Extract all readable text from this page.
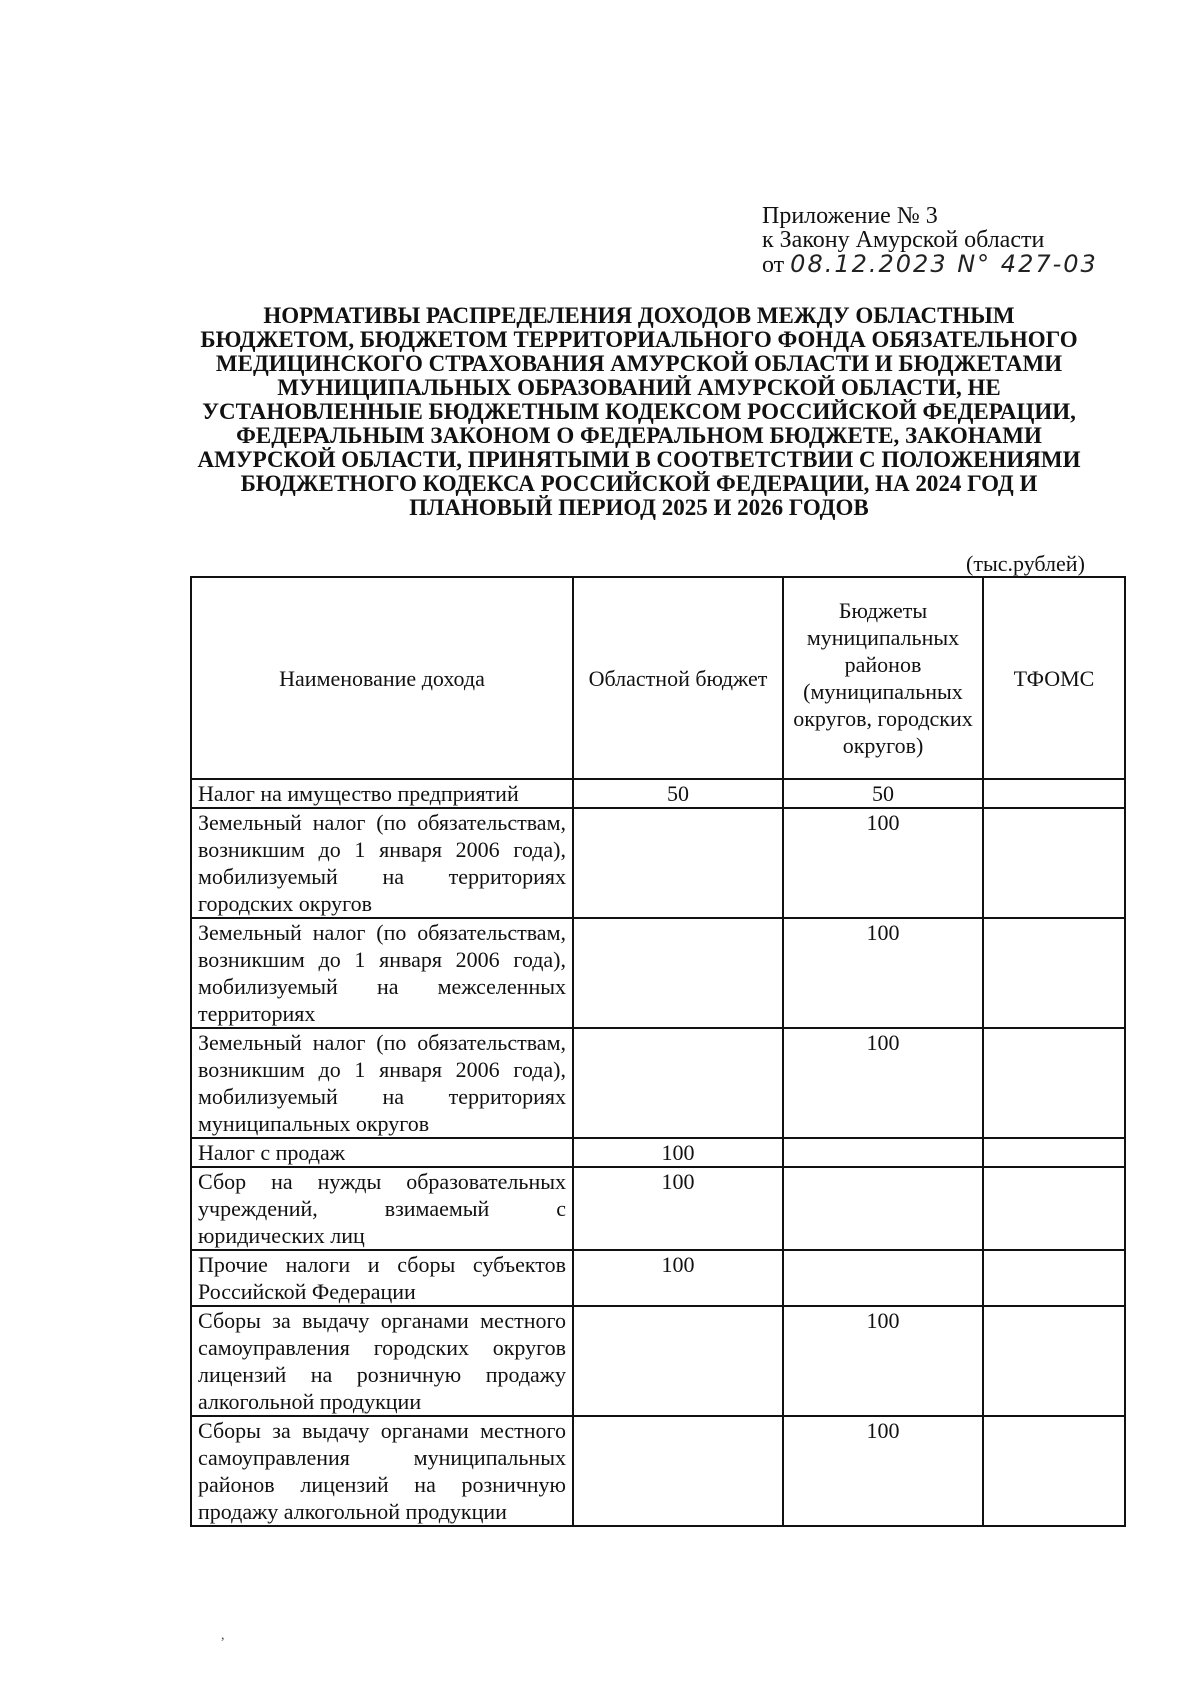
Приложение № 3
к Закону Амурской области
от 08.12.2023 N° 427-03
НОРМАТИВЫ РАСПРЕДЕЛЕНИЯ ДОХОДОВ МЕЖДУ ОБЛАСТНЫМ
БЮДЖЕТОМ, БЮДЖЕТОМ ТЕРРИТОРИАЛЬНОГО ФОНДА ОБЯЗАТЕЛЬНОГО
МЕДИЦИНСКОГО СТРАХОВАНИЯ АМУРСКОЙ ОБЛАСТИ И БЮДЖЕТАМИ
МУНИЦИПАЛЬНЫХ ОБРАЗОВАНИЙ АМУРСКОЙ ОБЛАСТИ, НЕ
УСТАНОВЛЕННЫЕ БЮДЖЕТНЫМ КОДЕКСОМ РОССИЙСКОЙ ФЕДЕРАЦИИ,
ФЕДЕРАЛЬНЫМ ЗАКОНОМ О ФЕДЕРАЛЬНОМ БЮДЖЕТЕ, ЗАКОНАМИ
АМУРСКОЙ ОБЛАСТИ, ПРИНЯТЫМИ В СООТВЕТСТВИИ С ПОЛОЖЕНИЯМИ
БЮДЖЕТНОГО КОДЕКСА РОССИЙСКОЙ ФЕДЕРАЦИИ, НА 2024 ГОД И
ПЛАНОВЫЙ ПЕРИОД 2025 И 2026 ГОДОВ
(тыс.рублей)
Наименование дохода	Областной бюджет	Бюджеты муниципальных районов (муниципальных округов, городских округов)	ТФОМС
Налог на имущество предприятий	50	50	
Земельный налог (по обязательствам, возникшим до 1 января 2006 года), мобилизуемый на территориях городских округов		100	
Земельный налог (по обязательствам, возникшим до 1 января 2006 года), мобилизуемый на межселенных территориях		100	
Земельный налог (по обязательствам, возникшим до 1 января 2006 года), мобилизуемый на территориях муниципальных округов		100	
Налог с продаж	100		
Сбор на нужды образовательных учреждений, взимаемый с юридических лиц	100		
Прочие налоги и сборы субъектов Российской Федерации	100		
Сборы за выдачу органами местного самоуправления городских округов лицензий на розничную продажу алкогольной продукции		100	
Сборы за выдачу органами местного самоуправления муниципальных районов лицензий на розничную продажу алкогольной продукции		100	
,
